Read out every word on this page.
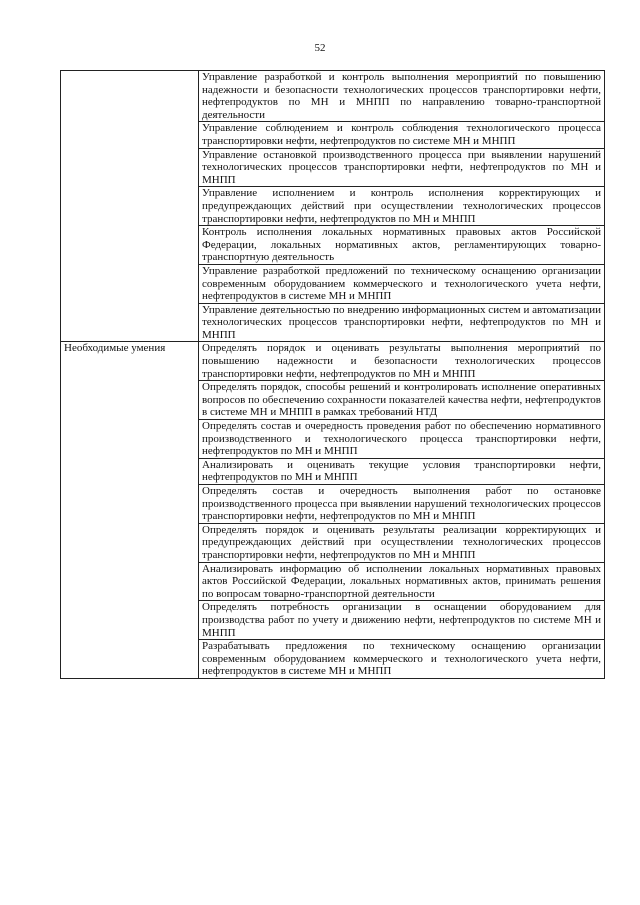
52
	Управление разработкой и контроль выполнения мероприятий по повышению надежности и безопасности технологических процессов транспортировки нефти, нефтепродуктов по МН и МНПП по направлению товарно-транспортной деятельности
	Управление соблюдением и контроль соблюдения технологического процесса транспортировки нефти, нефтепродуктов по системе МН и МНПП
	Управление остановкой производственного процесса при выявлении нарушений технологических процессов транспортировки нефти, нефтепродуктов по МН и МНПП
	Управление исполнением и контроль исполнения корректирующих и предупреждающих действий при осуществлении технологических процессов транспортировки нефти, нефтепродуктов по МН и МНПП
	Контроль исполнения локальных нормативных правовых актов Российской Федерации, локальных нормативных актов, регламентирующих товарно-транспортную деятельность
	Управление разработкой предложений по техническому оснащению организации современным оборудованием коммерческого и технологического учета нефти, нефтепродуктов в системе МН и МНПП
	Управление деятельностью по внедрению информационных систем и автоматизации технологических процессов транспортировки нефти, нефтепродуктов по МН и МНПП
Необходимые умения	Определять порядок и оценивать результаты выполнения мероприятий по повышению надежности и безопасности технологических процессов транспортировки нефти, нефтепродуктов по МН и МНПП
	Определять порядок, способы решений и контролировать исполнение оперативных вопросов по обеспечению сохранности показателей качества нефти, нефтепродуктов в системе МН и МНПП в рамках требований НТД
	Определять состав и очередность проведения работ по обеспечению нормативного производственного и технологического процесса транспортировки нефти, нефтепродуктов по МН и МНПП
	Анализировать и оценивать текущие условия транспортировки нефти, нефтепродуктов по МН и МНПП
	Определять состав и очередность выполнения работ по остановке производственного процесса при выявлении нарушений технологических процессов транспортировки нефти, нефтепродуктов по МН и МНПП
	Определять порядок и оценивать результаты реализации корректирующих и предупреждающих действий при осуществлении технологических процессов транспортировки нефти, нефтепродуктов по МН и МНПП
	Анализировать информацию об исполнении локальных нормативных правовых актов Российской Федерации, локальных нормативных актов, принимать решения по вопросам товарно-транспортной деятельности
	Определять потребность организации в оснащении оборудованием для производства работ по учету и движению нефти, нефтепродуктов по системе МН и МНПП
	Разрабатывать предложения по техническому оснащению организации современным оборудованием коммерческого и технологического учета нефти, нефтепродуктов в системе МН и МНПП
